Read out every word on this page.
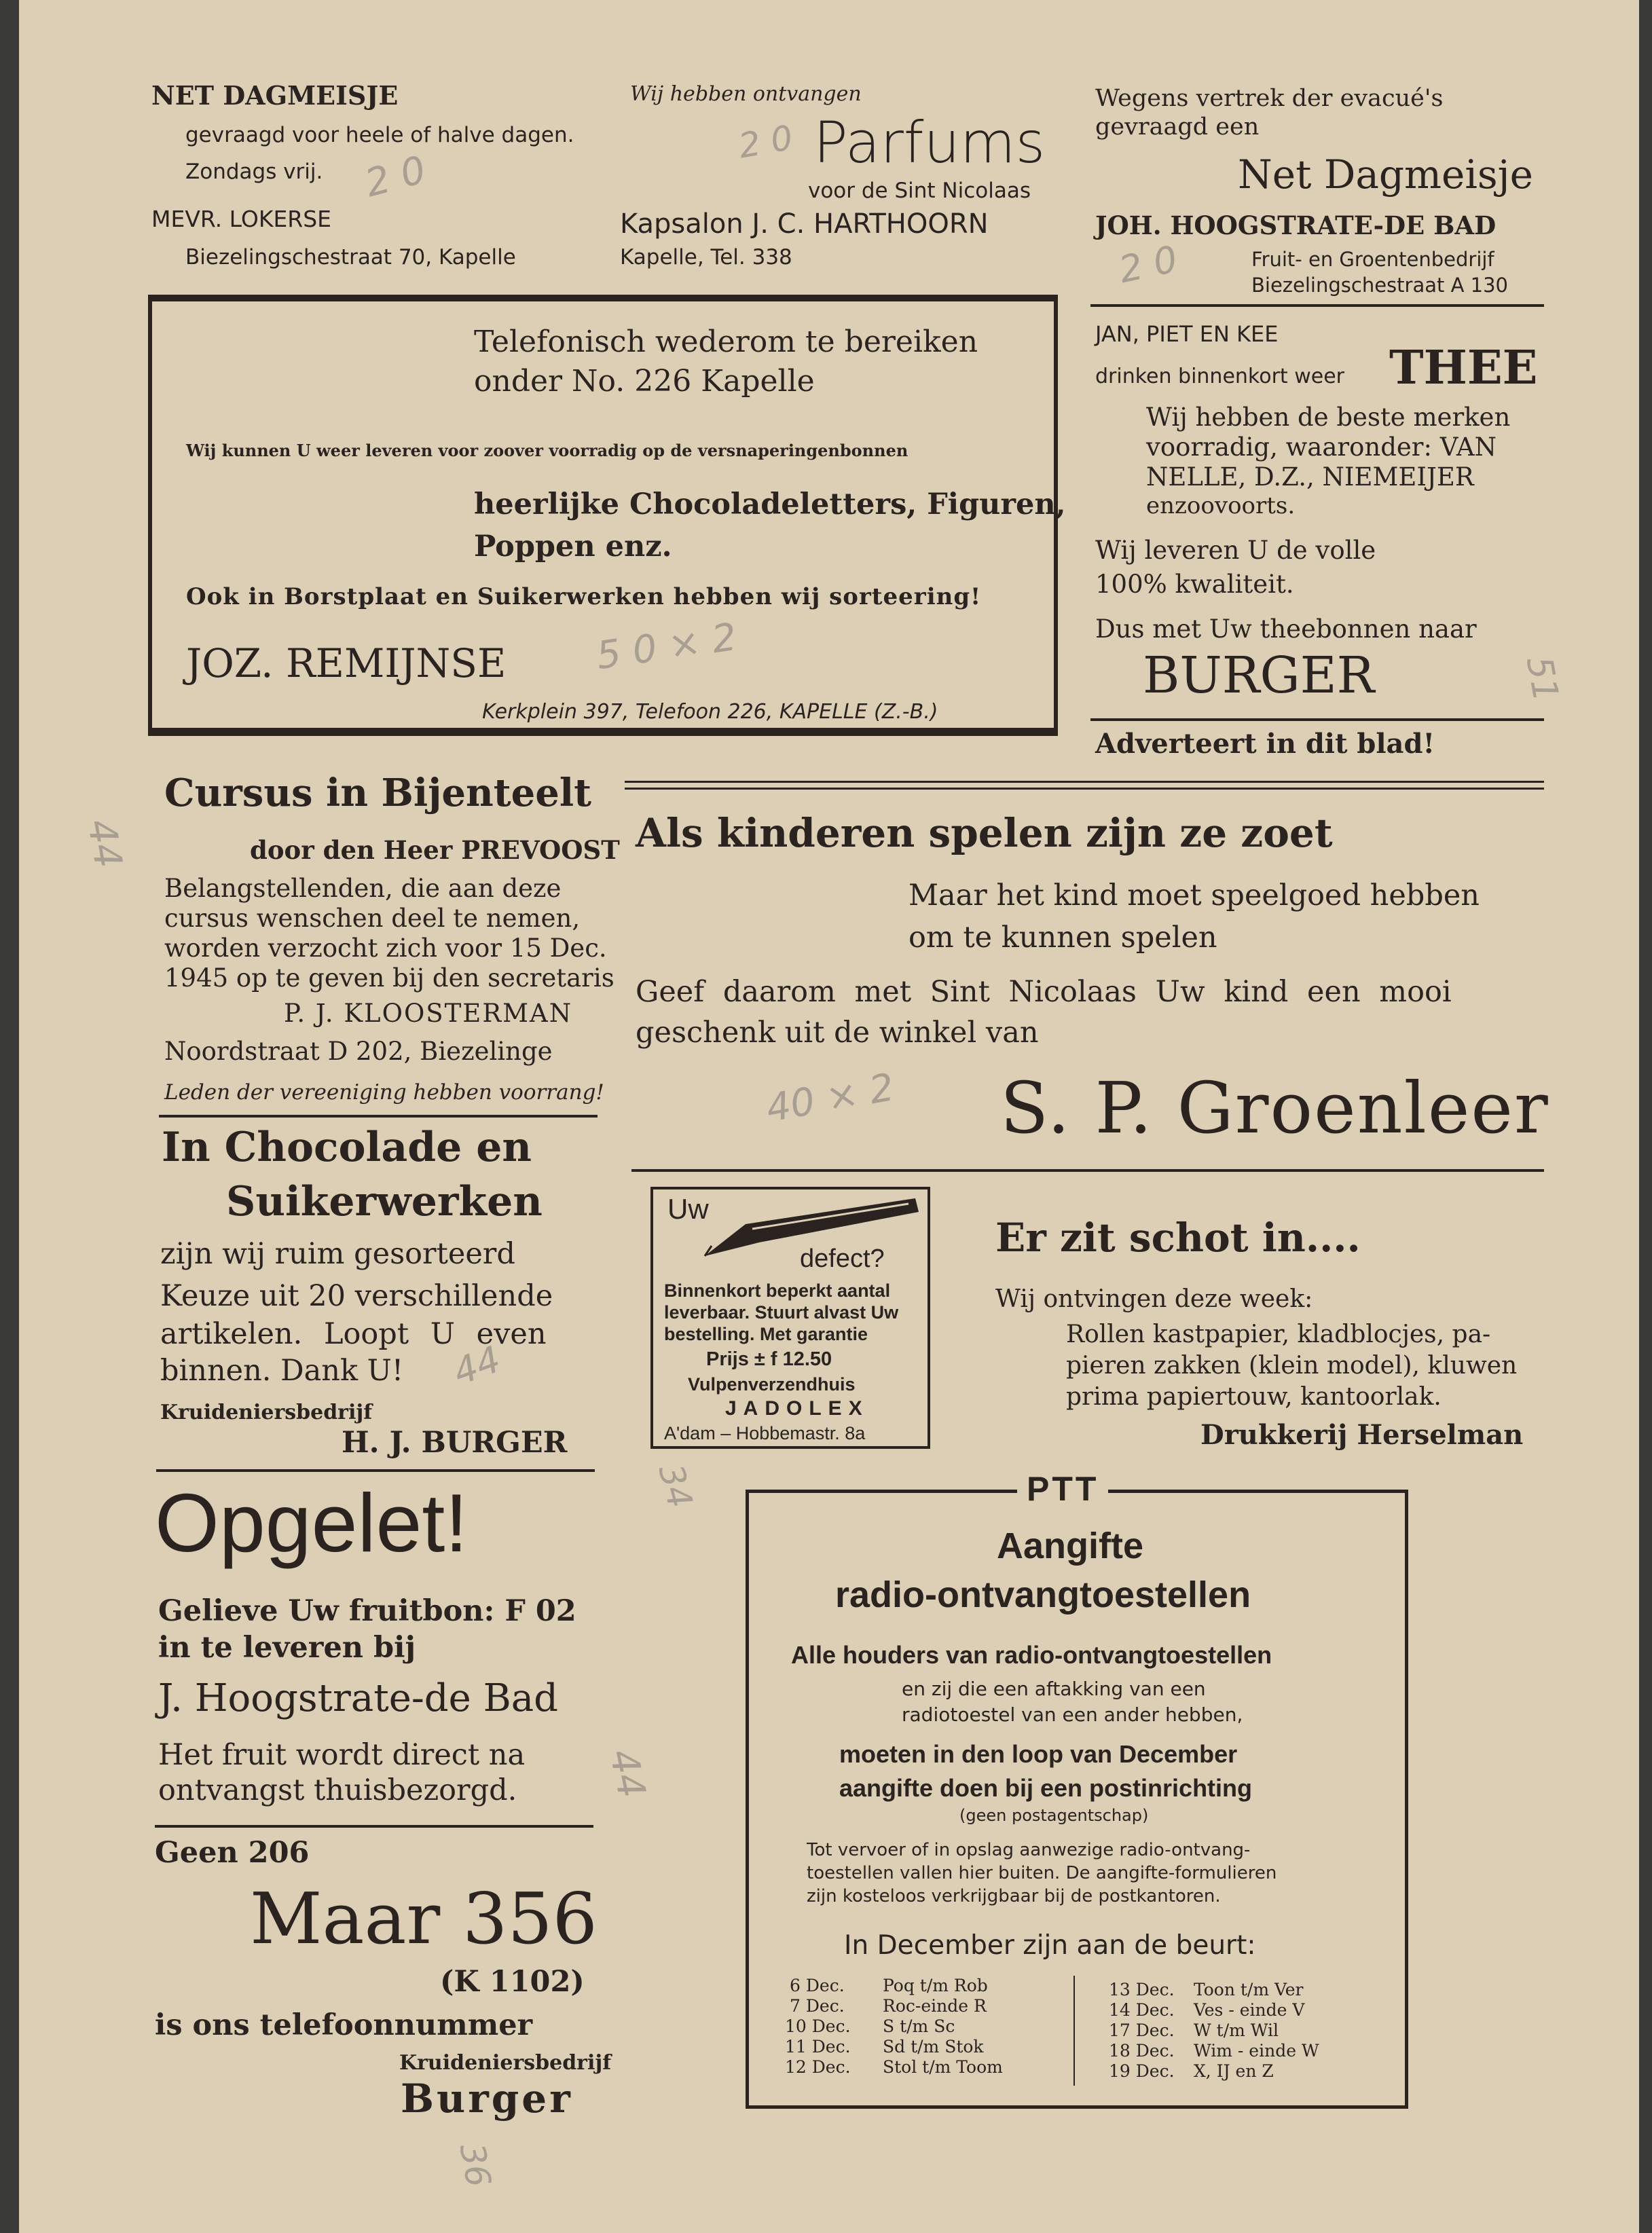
2 0
2 0
2 0
5 0 × 2
44
51
40 × 2
44
34
44
36
NET DAGMEISJE
gevraagd voor heele of halve dagen.
Zondags vrij.
MEVR. LOKERSE
Biezelingschestraat 70, Kapelle
Wij hebben ontvangen
Parfums
voor de Sint Nicolaas
Kapsalon J. C. HARTHOORN
Kapelle, Tel. 338
Wegens vertrek der evacué's
gevraagd een
Net Dagmeisje
JOH. HOOGSTRATE-DE BAD
Fruit- en Groentenbedrijf
Biezelingschestraat A 130
Telefonisch wederom te bereiken
onder No. 226 Kapelle
Wij kunnen U weer leveren voor zoover voorradig op de versnaperingenbonnen
heerlijke Chocoladeletters, Figuren,
Poppen enz.
Ook in Borstplaat en Suikerwerken hebben wij sorteering!
JOZ. REMIJNSE
Kerkplein 397, Telefoon 226, KAPELLE (Z.-B.)
JAN, PIET EN KEE
drinken binnenkort weer THEE
Wij hebben de beste merken
voorradig, waaronder: VAN
NELLE, D.Z., NIEMEIJER
enzoovoorts.
Wij leveren U de volle
100% kwaliteit.
Dus met Uw theebonnen naar
BURGER
Adverteert in dit blad!
Cursus in Bijenteelt
door den Heer PREVOOST
Belangstellenden, die aan deze
cursus wenschen deel te nemen,
worden verzocht zich voor 15 Dec.
1945 op te geven bij den secretaris
P. J. KLOOSTERMAN
Noordstraat D 202, Biezelinge
Leden der vereeniging hebben voorrang!
Als kinderen spelen zijn ze zoet
Maar het kind moet speelgoed hebben
om te kunnen spelen
Geef daarom met Sint Nicolaas Uw kind een mooi
geschenk uit de winkel van
S. P. Groenleer
In Chocolade en
Suikerwerken
zijn wij ruim gesorteerd
Keuze uit 20 verschillende
artikelen. Loopt U even
binnen. Dank U!
Kruideniersbedrijf
H. J. BURGER
Uw
defect?
Binnenkort beperkt aantal
leverbaar. Stuurt alvast Uw
bestelling. Met garantie
Prijs ± f 12.50
Vulpenverzendhuis
JADOLEX
A'dam – Hobbemastr. 8a
Er zit schot in....
Wij ontvingen deze week:
Rollen kastpapier, kladblocjes, pa-
pieren zakken (klein model), kluwen
prima papiertouw, kantoorlak.
Drukkerij Herselman
Opgelet!
Gelieve Uw fruitbon: F 02
in te leveren bij
J. Hoogstrate-de Bad
Het fruit wordt direct na
ontvangst thuisbezorgd.
Geen 206
Maar 356
(K 1102)
is ons telefoonnummer
Kruideniersbedrijf
Burger
PTT
Aangifte
radio-ontvangtoestellen
Alle houders van radio-ontvangtoestellen
en zij die een aftakking van een
radiotoestel van een ander hebben,
moeten in den loop van December
aangifte doen bij een postinrichting
(geen postagentschap)
Tot vervoer of in opslag aanwezige radio-ontvang-
toestellen vallen hier buiten. De aangifte-formulieren
zijn kosteloos verkrijgbaar bij de postkantoren.
In December zijn aan de beurt:
6 Dec. Poq t/m Rob
7 Dec. Roc-einde R
10 Dec. S t/m Sc
11 Dec. Sd t/m Stok
12 Dec. Stol t/m Toom
13 Dec. Toon t/m Ver
14 Dec. Ves - einde V
17 Dec. W t/m Wil
18 Dec. Wim - einde W
19 Dec. X, IJ en Z
